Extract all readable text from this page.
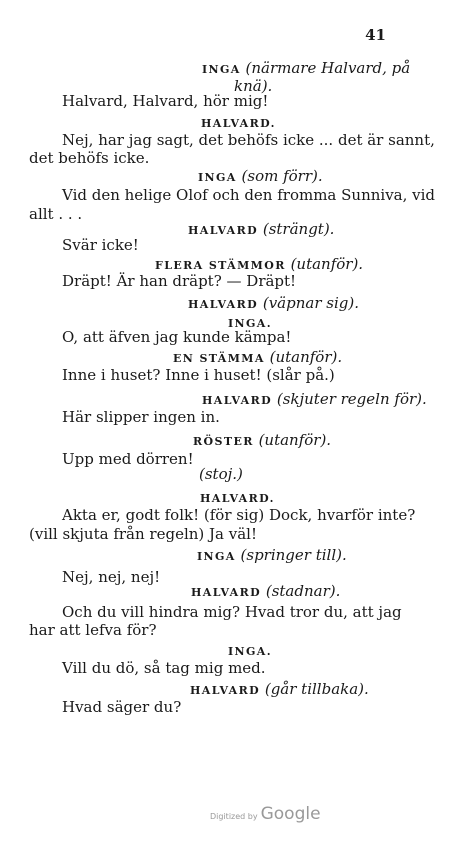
41
INGA (närmare Halvard, på
knä).
Halvard, Halvard, hör mig!
HALVARD.
Nej, har jag sagt, det behöfs icke ... det är sannt,
det behöfs icke.
INGA (som förr).
Vid den helige Olof och den fromma Sunniva, vid
allt . . .
HALVARD (strängt).
Svär icke!
FLERA STÄMMOR (utanför).
Dräpt! Är han dräpt? — Dräpt!
HALVARD (väpnar sig).
INGA.
O, att äfven jag kunde kämpa!
EN STÄMMA (utanför).
Inne i huset? Inne i huset! (slår på.)
HALVARD (skjuter regeln för).
Här slipper ingen in.
RÖSTER (utanför).
Upp med dörren!
(stoj.)
HALVARD.
Akta er, godt folk! (för sig) Dock, hvarför inte?
(vill skjuta från regeln) Ja väl!
INGA (springer till).
Nej, nej, nej!
HALVARD (stadnar).
Och du vill hindra mig? Hvad tror du, att jag
har att lefva för?
INGA.
Vill du dö, så tag mig med.
HALVARD (går tillbaka).
Hvad säger du?
Digitized by Google
